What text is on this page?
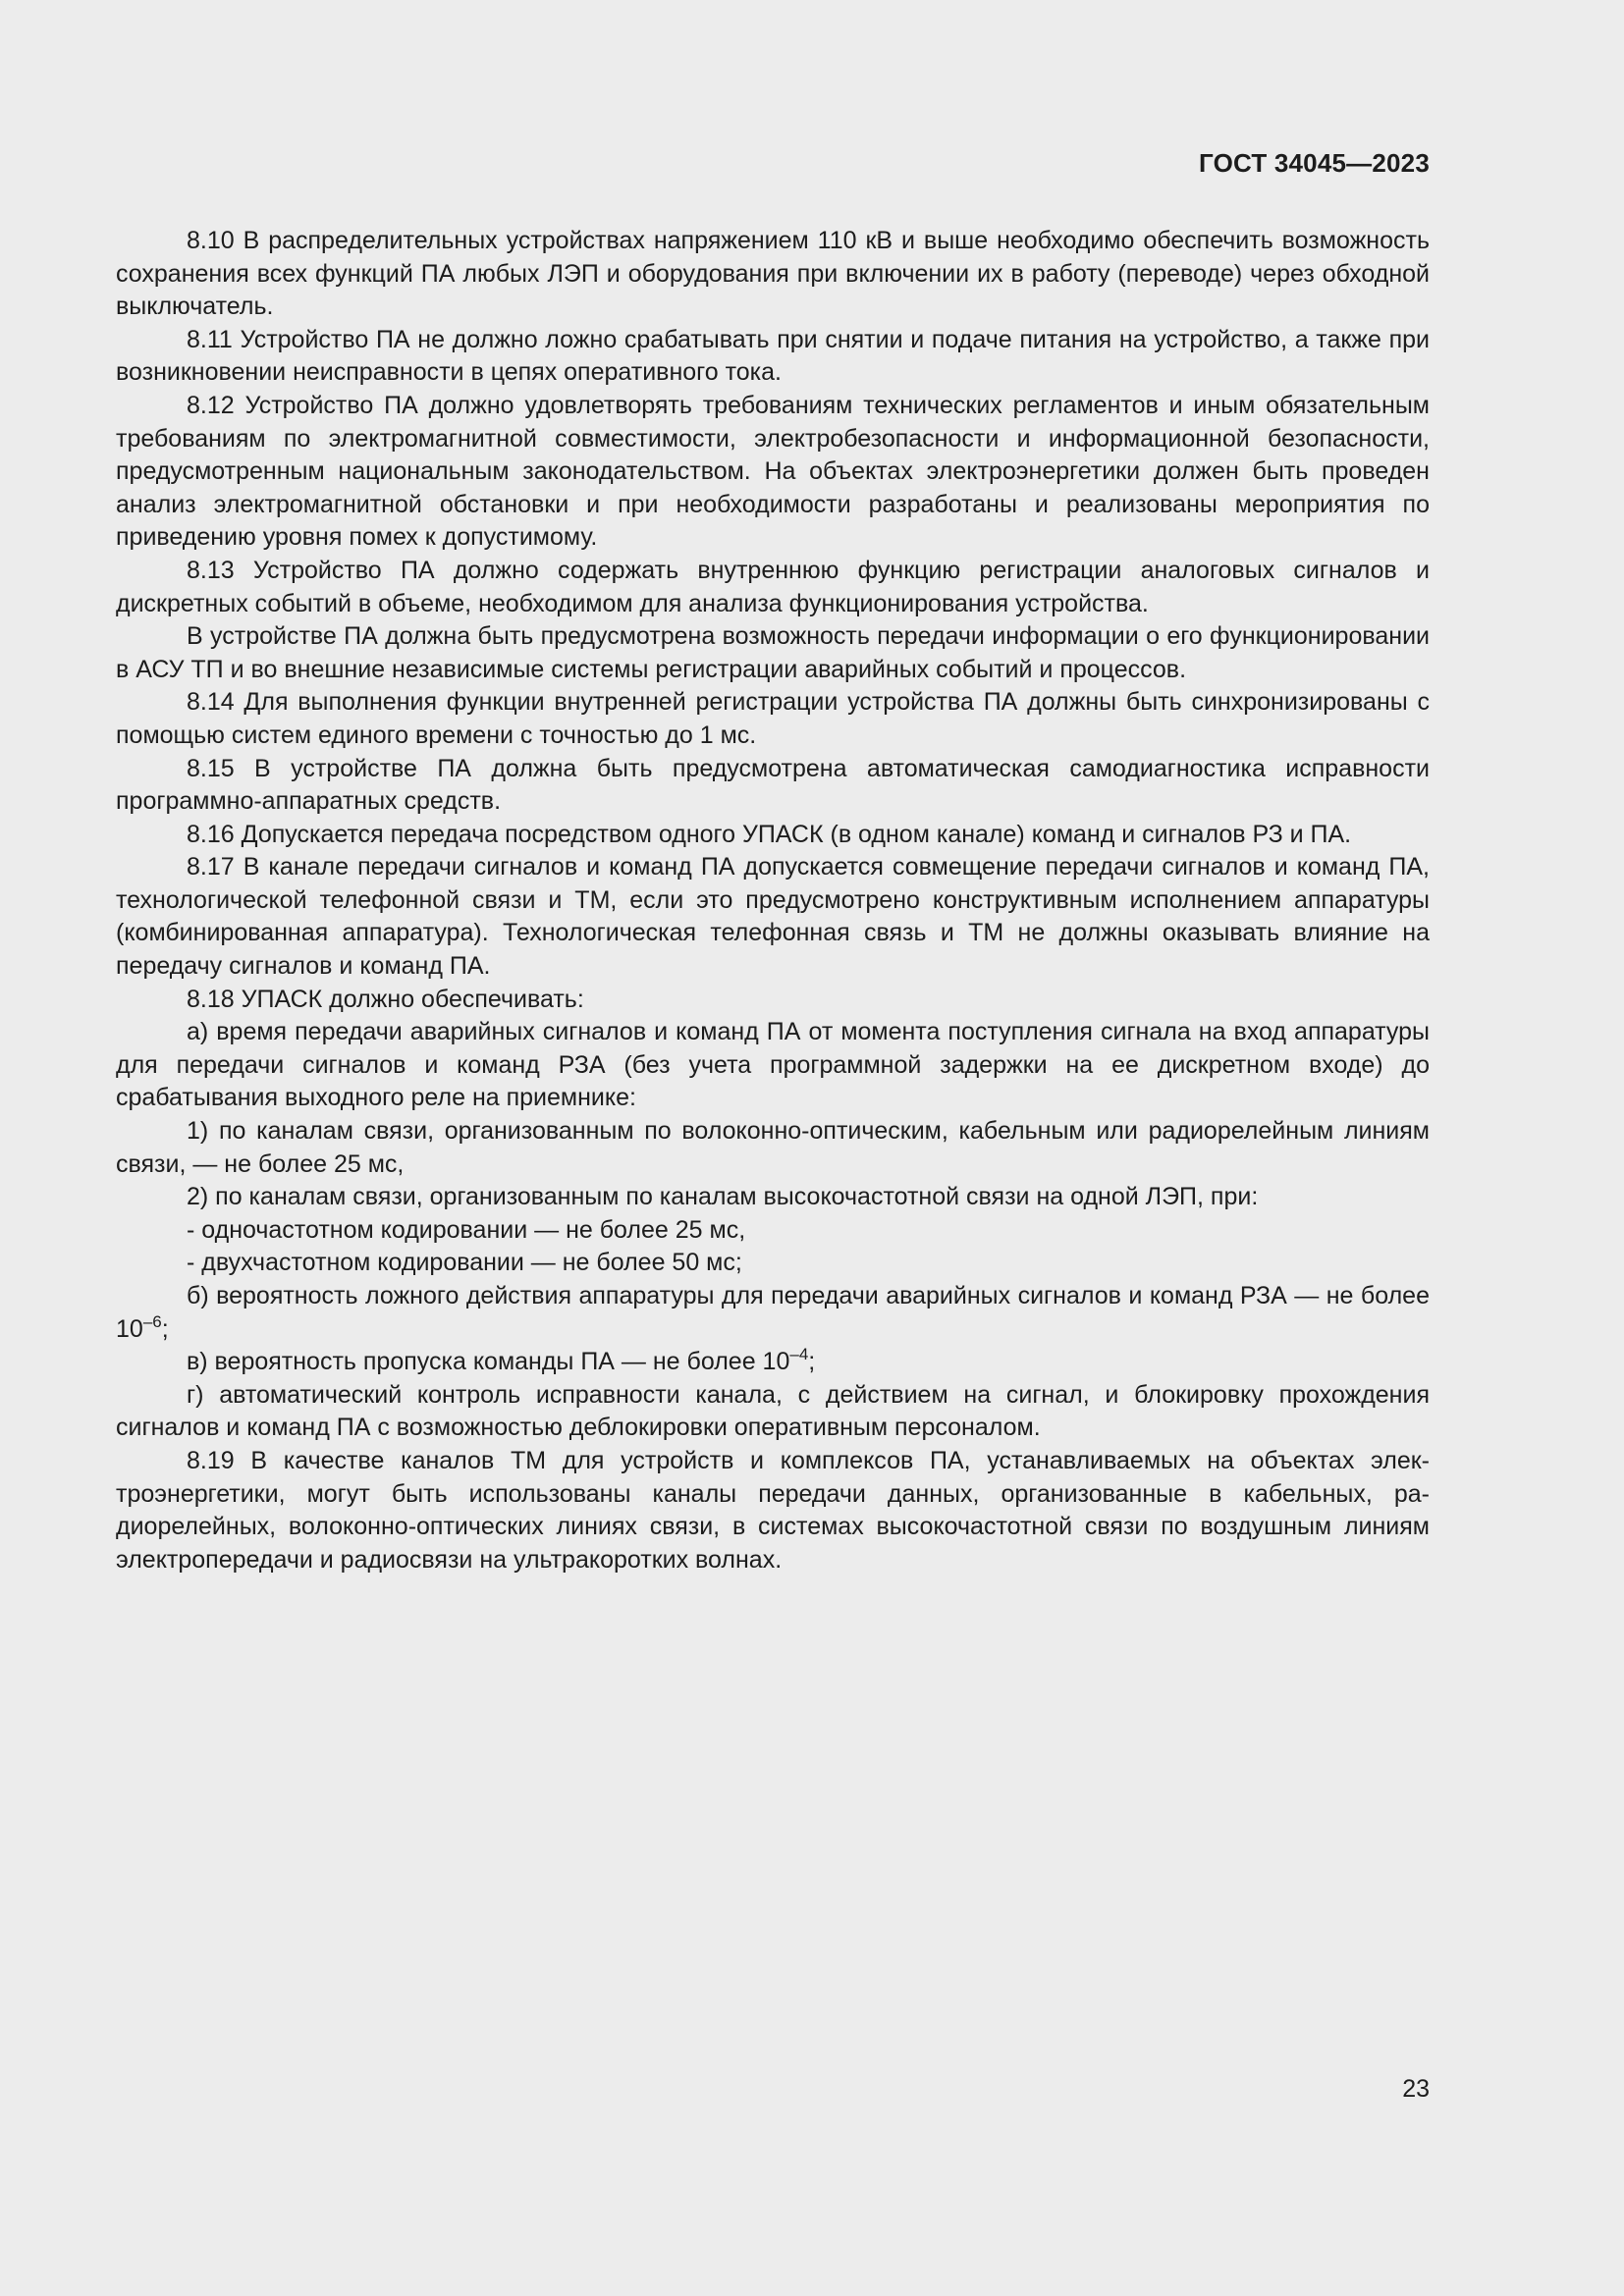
ГОСТ 34045—2023

8.10 В распределительных устройствах напряжением 110 кВ и выше необходимо обеспечить возможность сохранения всех функций ПА любых ЛЭП и оборудования при включении их в работу (переводе) через обходной выключатель.

8.11 Устройство ПА не должно ложно срабатывать при снятии и подаче питания на устройство, а также при возникновении неисправности в цепях оперативного тока.

8.12 Устройство ПА должно удовлетворять требованиям технических регламентов и иным обязательным требованиям по электромагнитной совместимости, электробезопасности и информационной безопасности, предусмотренным национальным законодательством. На объектах электроэнергетики должен быть проведен анализ электромагнитной обстановки и при необходимости разработаны и реализованы мероприятия по приведению уровня помех к допустимому.

8.13 Устройство ПА должно содержать внутреннюю функцию регистрации аналоговых сигналов и дискретных событий в объеме, необходимом для анализа функционирования устройства.

В устройстве ПА должна быть предусмотрена возможность передачи информации о его функционировании в АСУ ТП и во внешние независимые системы регистрации аварийных событий и процессов.

8.14 Для выполнения функции внутренней регистрации устройства ПА должны быть синхронизированы с помощью систем единого времени с точностью до 1 мс.

8.15 В устройстве ПА должна быть предусмотрена автоматическая самодиагностика исправности программно-аппаратных средств.

8.16 Допускается передача посредством одного УПАСК (в одном канале) команд и сигналов РЗ и ПА.

8.17 В канале передачи сигналов и команд ПА допускается совмещение передачи сигналов и команд ПА, технологической телефонной связи и ТМ, если это предусмотрено конструктивным исполнением аппаратуры (комбинированная аппаратура). Технологическая телефонная связь и ТМ не должны оказывать влияние на передачу сигналов и команд ПА.

8.18 УПАСК должно обеспечивать:

а) время передачи аварийных сигналов и команд ПА от момента поступления сигнала на вход аппаратуры для передачи сигналов и команд РЗА (без учета программной задержки на ее дискретном входе) до срабатывания выходного реле на приемнике:

1) по каналам связи, организованным по волоконно-оптическим, кабельным или радиорелейным линиям связи, — не более 25 мс,

2) по каналам связи, организованным по каналам высокочастотной связи на одной ЛЭП, при:

- одночастотном кодировании — не более 25 мс,

- двухчастотном кодировании — не более 50 мс;

б) вероятность ложного действия аппаратуры для передачи аварийных сигналов и команд РЗА — не более $10^{-6}$;

в) вероятность пропуска команды ПА — не более $10^{-4}$;

г) автоматический контроль исправности канала, с действием на сигнал, и блокировку прохождения сигналов и команд ПА с возможностью деблокировки оперативным персоналом.

8.19 В качестве каналов ТМ для устройств и комплексов ПА, устанавливаемых на объектах электроэнергетики, могут быть использованы каналы передачи данных, организованные в кабельных, радиорелейных, волоконно-оптических линиях связи, в системах высокочастотной связи по воздушным линиям электропередачи и радиосвязи на ультракоротких волнах.

23
